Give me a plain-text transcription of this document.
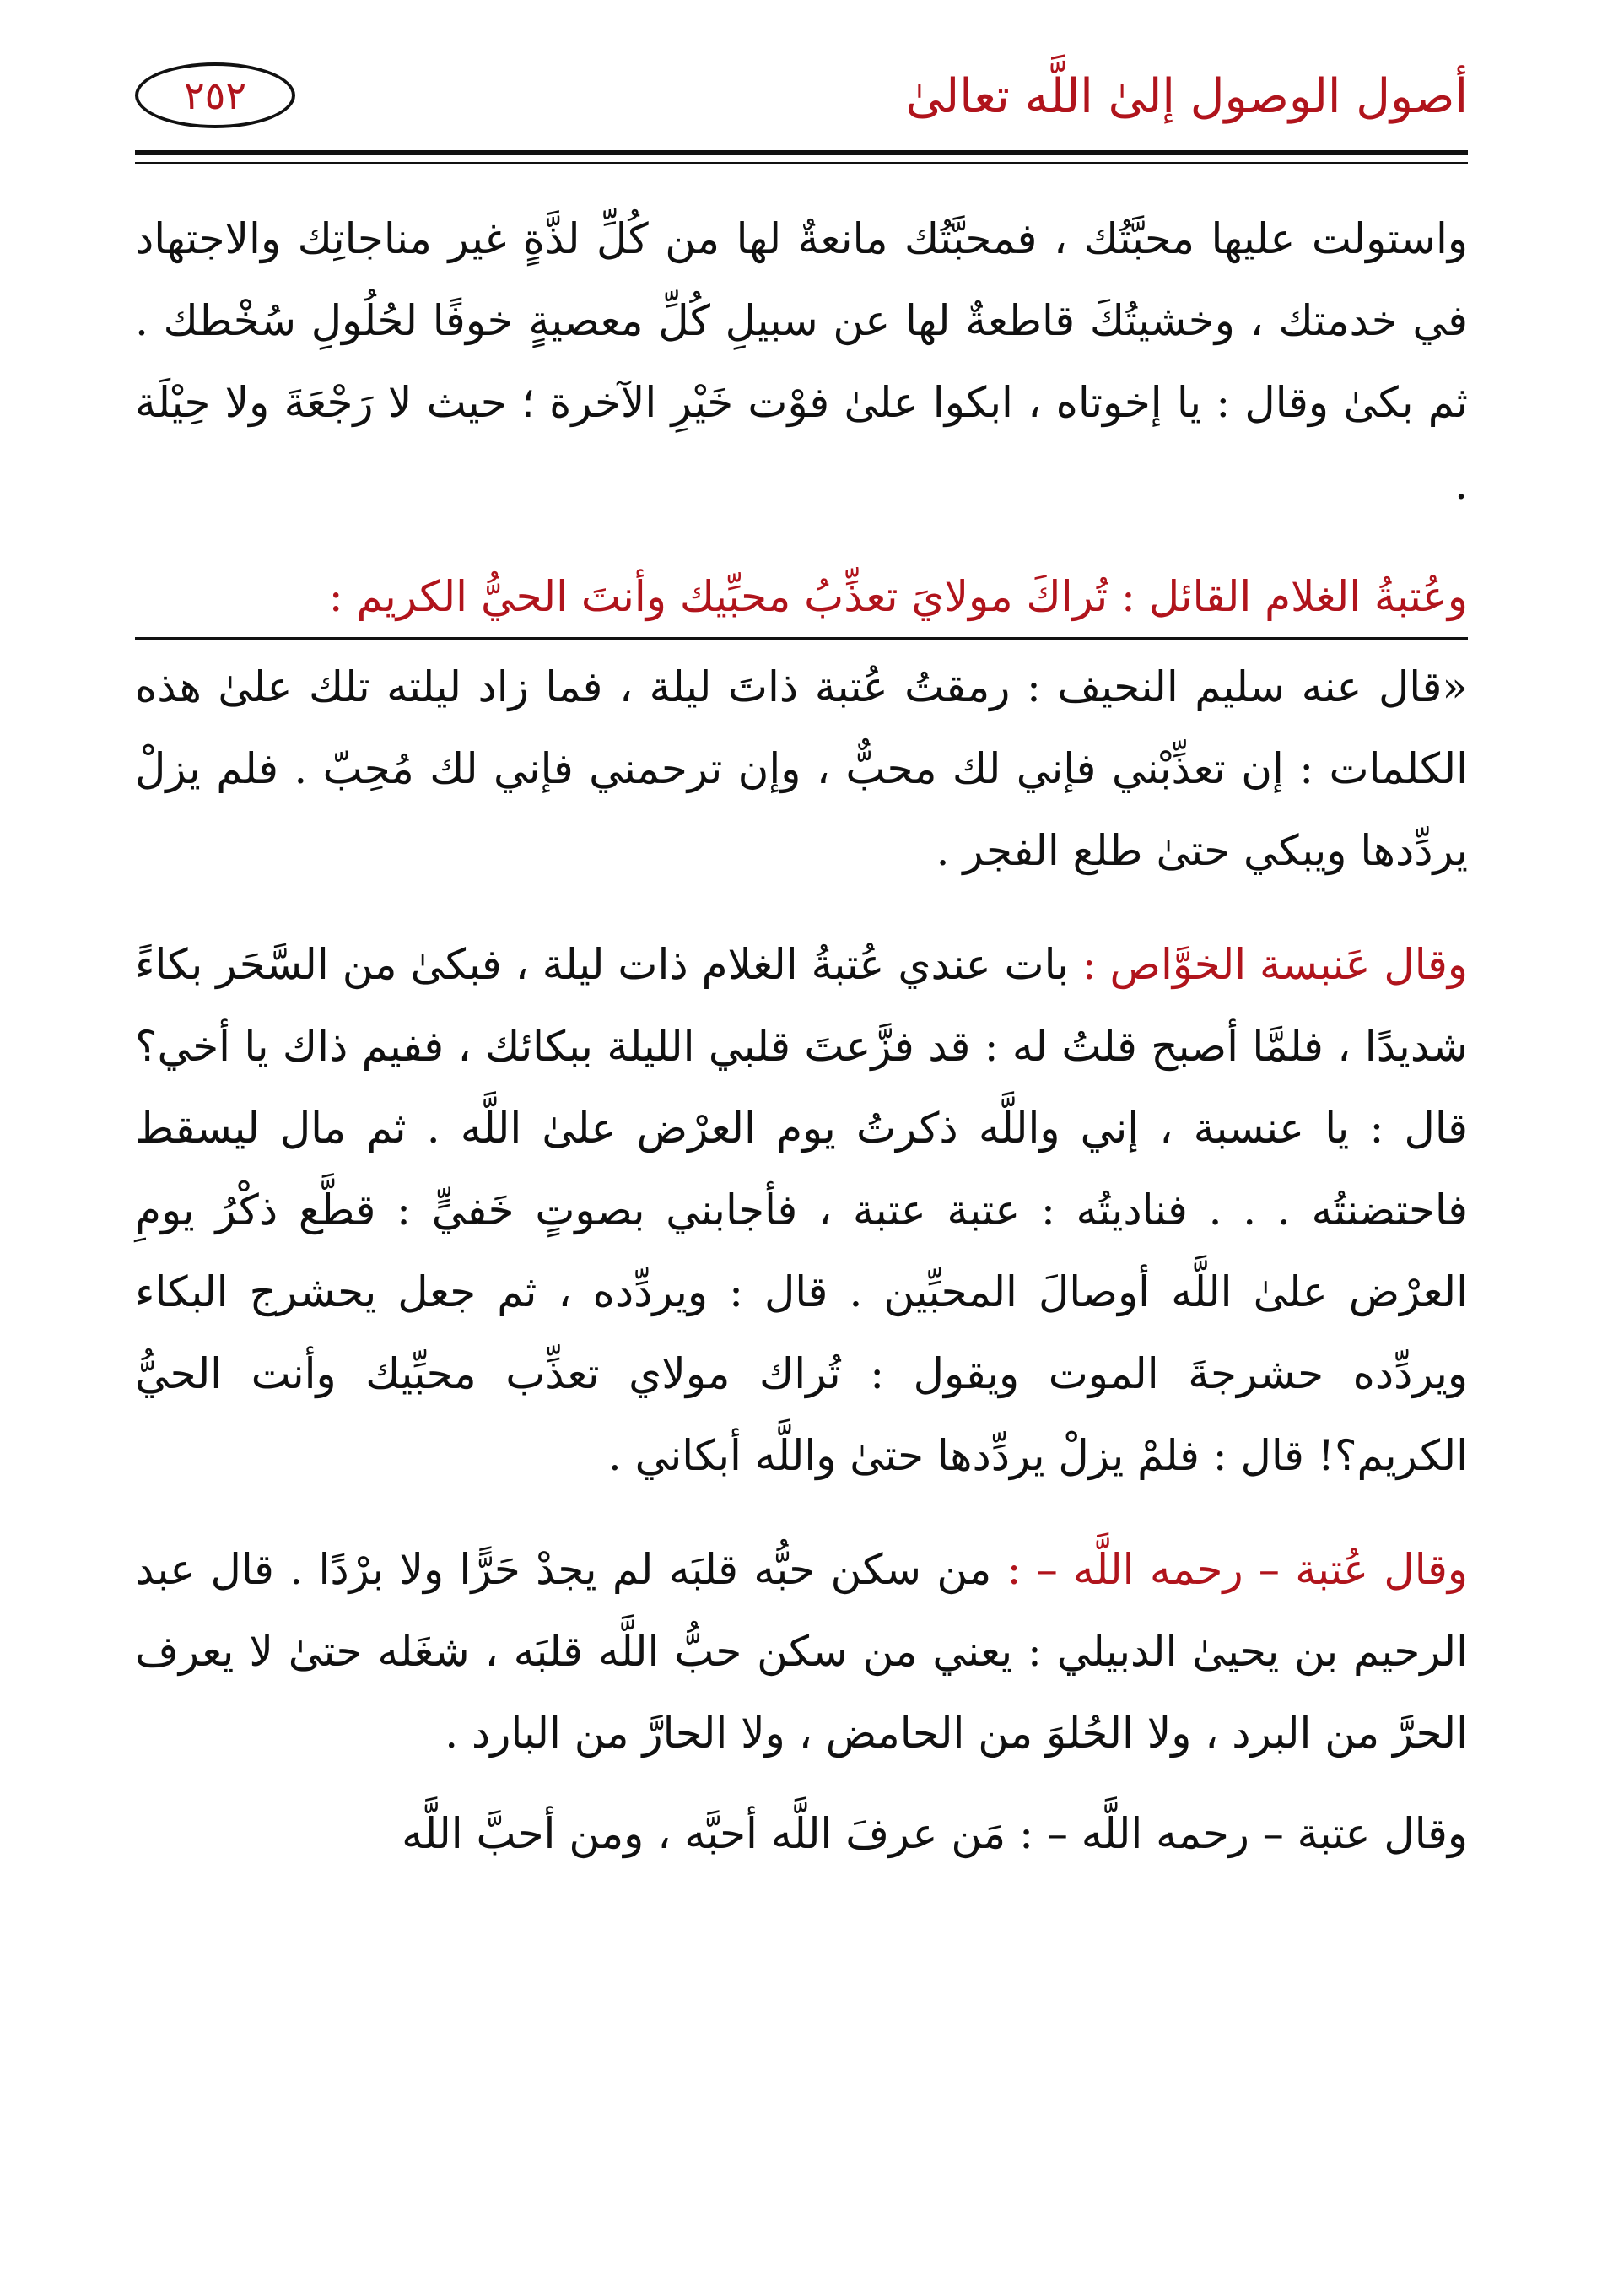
أصول الوصول إلىٰ اللَّه تعالىٰ
٢٥٢

واستولت عليها محبَّتُك ، فمحبَّتُك مانعةٌ لها من كُلِّ لذَّةٍ غير مناجاتِك والاجتهاد في خدمتك ، وخشيتُكَ قاطعةٌ لها عن سبيلِ كُلِّ معصيةٍ خوفًا لحُلُولِ سُخْطك . ثم بكىٰ وقال : يا إخوتاه ، ابكوا علىٰ فوْت خَيْرِ الآخرة ؛ حيث لا رَجْعَةَ ولا حِيْلَة .

وعُتبةُ الغلام القائل : تُراكَ مولايَ تعذِّبُ محبِّيك وأنتَ الحيُّ الكريم :

«قال عنه سليم النحيف : رمقتُ عُتبة ذاتَ ليلة ، فما زاد ليلته تلك علىٰ هذه الكلمات : إن تعذِّبْني فإني لك محبٌّ ، وإن ترحمني فإني لك مُحِبّ . فلم يزلْ يردِّدها ويبكي حتىٰ طلع الفجر .

وقال عَنبسة الخوَّاص : بات عندي عُتبةُ الغلام ذات ليلة ، فبكىٰ من السَّحَر بكاءً شديدًا ، فلمَّا أصبح قلتُ له : قد فزَّعتَ قلبي الليلة ببكائك ، ففيم ذاك يا أخي؟ قال : يا عنسبة ، إني واللَّه ذكرتُ يوم العرْض علىٰ اللَّه . ثم مال ليسقط فاحتضنتُه . . . فناديتُه : عتبة عتبة ، فأجابني بصوتٍ خَفيٍّ : قطَّع ذكْرُ يومِ العرْض علىٰ اللَّه أوصالَ المحبِّين . قال : ويردِّده ، ثم جعل يحشرج البكاء ويردِّده حشرجةَ الموت ويقول : تُراك مولاي تعذِّب محبِّيك وأنت الحيُّ الكريم؟! قال : فلمْ يزلْ يردِّدها حتىٰ واللَّه أبكاني .

وقال عُتبة – رحمه اللَّه – : من سكن حبُّه قلبَه لم يجدْ حَرًّا ولا برْدًا . قال عبد الرحيم بن يحيىٰ الدبيلي : يعني من سكن حبُّ اللَّه قلبَه ، شغَله حتىٰ لا يعرف الحرَّ من البرد ، ولا الحُلوَ من الحامض ، ولا الحارَّ من البارد .

وقال عتبة – رحمه اللَّه – : مَن عرفَ اللَّه أحبَّه ، ومن أحبَّ اللَّه
